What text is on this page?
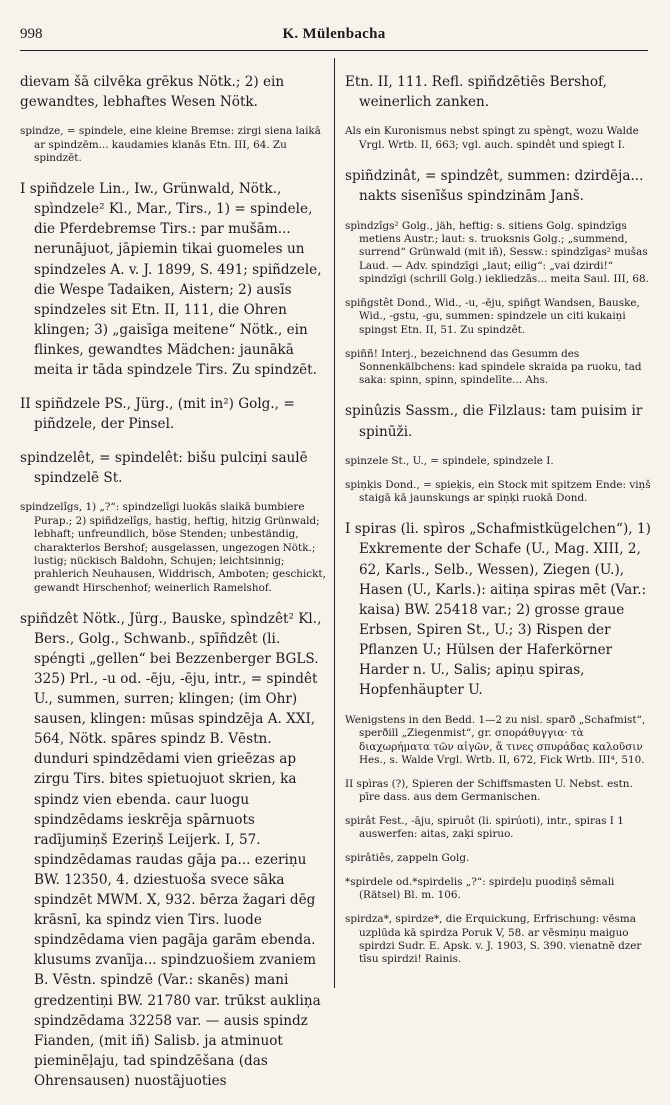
998	K. Mülenbacha

dievam šā cilvēka grēkus Nötk.; 2) ein gewandtes, lebhaftes Wesen Nötk.

spindze, = spindele, eine kleine Bremse: zirgi siena laikā ar spindzēm... kaudamies klanās Etn. III, 64. Zu spindzēt.

I spiñdzele Lin., Iw., Grünwald, Nötk., spìndzele² Kl., Mar., Tirs., 1) = spindele, die Pferdebremse Tirs.: par mušām... nerunājuot, jāpiemin tikai guomeles un spindzeles A. v. J. 1899, S. 491; spiñdzele, die Wespe Tadaiken, Aistern; 2) ausīs spindzeles sit Etn. II, 111, die Ohren klingen; 3) „gaisīga meitene“ Nötk., ein flinkes, gewandtes Mädchen: jaunākā meita ir tāda spindzele Tirs. Zu spindzēt.

II spiñdzele PS., Jürg., (mit in²) Golg., = piñdzele, der Pinsel.

spindzelêt, = spindelêt: bišu pulciņi saulē spindzelē St.

spindzelîgs, 1) „?“: spindzelīgi luokās slaikā bumbiere Purap.; 2) spiñdzelîgs, hastig, heftig, hitzig Grünwald; lebhaft; unfreundlich, böse Stenden; unbeständig, charakterlos Bershof; ausgelassen, ungezogen Nötk.; lustig; nückisch Baldohn, Schujen; leichtsinnig; prahlerich Neuhausen, Widdrisch, Amboten; geschickt, gewandt Hirschenhof; weinerlich Ramelshof.

spiñdzêt Nötk., Jürg., Bauske, spìndzêt² Kl., Bers., Golg., Schwanb., spīñdzêt (li. spéngti „gellen“ bei Bezzenberger BGLS. 325) Prl., -u od. -ēju, -ēju, intr., = spindêt U., summen, surren; klingen; (im Ohr) sausen, klingen: mūsas spindzēja A. XXI, 564, Nötk. spāres spindz B. Vēstn. dunduri spindzēdami vien grieēzas ap zirgu Tirs. bites spietuojuot skrien, ka spindz vien ebenda. caur luogu spindzēdams ieskrēja spārnuots radījumiņš Ezeriņš Leijerk. I, 57. spindzēdamas raudas gāja pa... ezeriņu BW. 12350, 4. dziestuoša svece sāka spindzēt MWM. X, 932. bērza žagari dēg krāsnī, ka spindz vien Tirs. luode spindzēdama vien pagāja garām ebenda. klusums zvanīja... spindzuošiem zvaniem B. Vēstn. spindzē (Var.: skanēs) mani gredzentiņi BW. 21780 var. trūkst aukliņa spindzēdama 32258 var. — ausis spindz Fianden, (mit iñ) Salisb. ja atminuot pieminēļaju, tad spindzēšana (das Ohrensausen) nuostājuoties

Etn. II, 111. Refl. spiñdzētiēs Bershof, weinerlich zanken.

Als ein Kuronismus nebst spingt zu spèngt, wozu Walde Vrgl. Wrtb. II, 663; vgl. auch. spindêt und spiegt I.

spiñdzinât, = spindzêt, summen: dzirdēja... nakts sisenīšus spindzinām Janš.

spìndzîgs² Golg., jäh, heftig: s. sitiens Golg. spindzīgs metiens Austr.; laut: s. truoksnis Golg.; „summend, surrend“ Grünwald (mit iñ), Sessw.: spindzīgas² mušas Laud. — Adv. spindzīgi „laut; eilig“: „vai dzirdi!“ spindzīgi (schrill Golg.) iekliedzās... meita Saul. III, 68.

spiñgstêt Dond., Wid., -u, -ēju, spiñgt Wandsen, Bauske, Wid., -gstu, -gu, summen: spindzele un citi kukaiņi spingst Etn. II, 51. Zu spindzêt.

spiññ! Interj., bezeichnend das Gesumm des Sonnenkälbchens: kad spindele skraida pa ruoku, tad saka: spinn, spinn, spindelīte... Ahs.

spinûzis Sassm., die Filzlaus: tam puisim ir spinūži.

spinzele St., U., = spindele, spindzele I.

spiņķis Dond., = spieķis, ein Stock mit spitzem Ende: viņš staigā kā jaunskungs ar spiņķi ruokā Dond.

I spiras (li. spìros „Schafmistkügelchen“), 1) Exkremente der Schafe (U., Mag. XIII, 2, 62, Karls., Selb., Wessen), Ziegen (U.), Hasen (U., Karls.): aitiņa spiras mēt (Var.: kaisa) BW. 25418 var.; 2) grosse graue Erbsen, Spiren St., U.; 3) Rispen der Pflanzen U.; Hülsen der Haferkörner Harder n. U., Salis; apiņu spiras, Hopfenhäupter U.

Wenigstens in den Bedd. 1—2 zu nisl. sparð „Schafmist“, sperðill „Ziegenmist“, gr. σποράθυγγια· τὰ διαχωρήματα τῶν αἰγῶν, ἅ τινες σπυράδας καλοῦσιν Hes., s. Walde Vrgl. Wrtb. II, 672, Fick Wrtb. III⁴, 510.

II spìras (?), Spieren der Schiffsmasten U. Nebst. estn. pīre dass. aus dem Germanischen.

spirât Fest., -āju, spiruôt (li. spirúoti), intr., spiras I 1 auswerfen: aitas, zaķi spiruo.

spirâtiês, zappeln Golg.

*spirdele od.*spirdelis „?“: spirdeļu puodiņš sēmali (Rätsel) Bl. m. 106.

spirdza*, spirdze*, die Erquickung, Erfrischung: vēsma uzplūda kā spirdza Poruk V, 58. ar vēsmiņu maiguo spirdzi Sudr. E. Apsk. v. J. 1903, S. 390. vienatnē dzer tīsu spirdzi! Rainis.
